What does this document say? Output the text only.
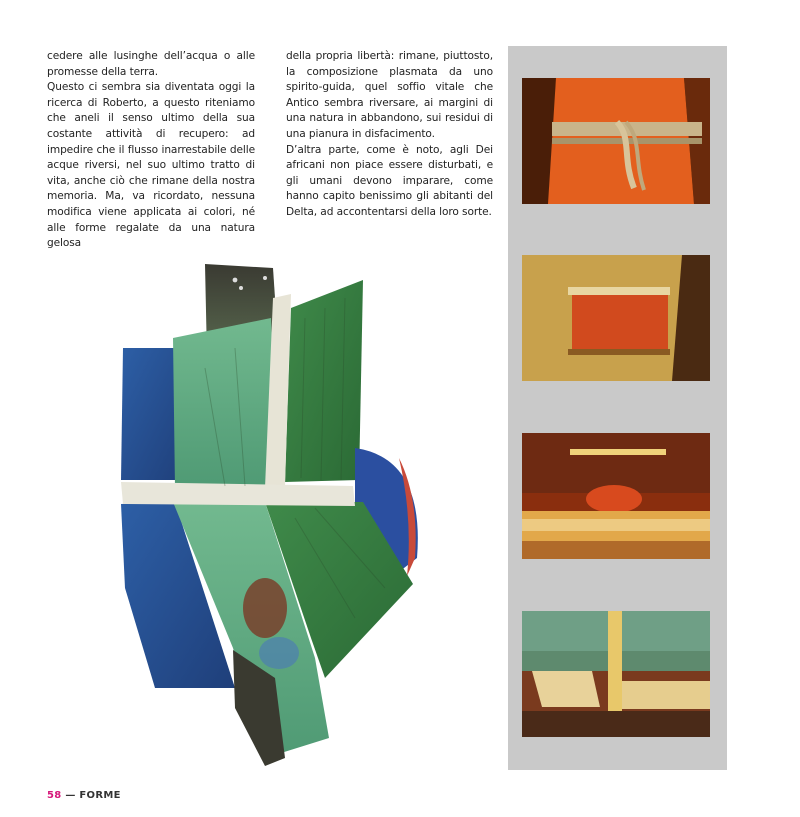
cedere alle lusinghe dell’acqua o alle promesse della terra.

Questo ci sembra sia diventata oggi la ricerca di Roberto, a questo riteniamo che aneli il senso ultimo della sua costante attività di recupero: ad impedire che il flusso inarrestabile delle acque riversi, nel suo ultimo tratto di vita, anche ciò che rimane della nostra memoria. Ma, va ricordato, nessuna modifica viene applicata ai colori, né alle forme regalate da una natura gelosa

della propria libertà: rimane, piuttosto, la composizione plasmata da uno spirito-guida, quel soffio vitale che Antico sembra riversare, ai margini di una natura in abbandono, sui residui di una pianura in disfacimento.

D’altra parte, come è noto, agli Dei africani non piace essere disturbati, e gli umani devono imparare, come hanno capito benissimo gli abitanti del Delta, ad accontentarsi della loro sorte.

58 — FORME
